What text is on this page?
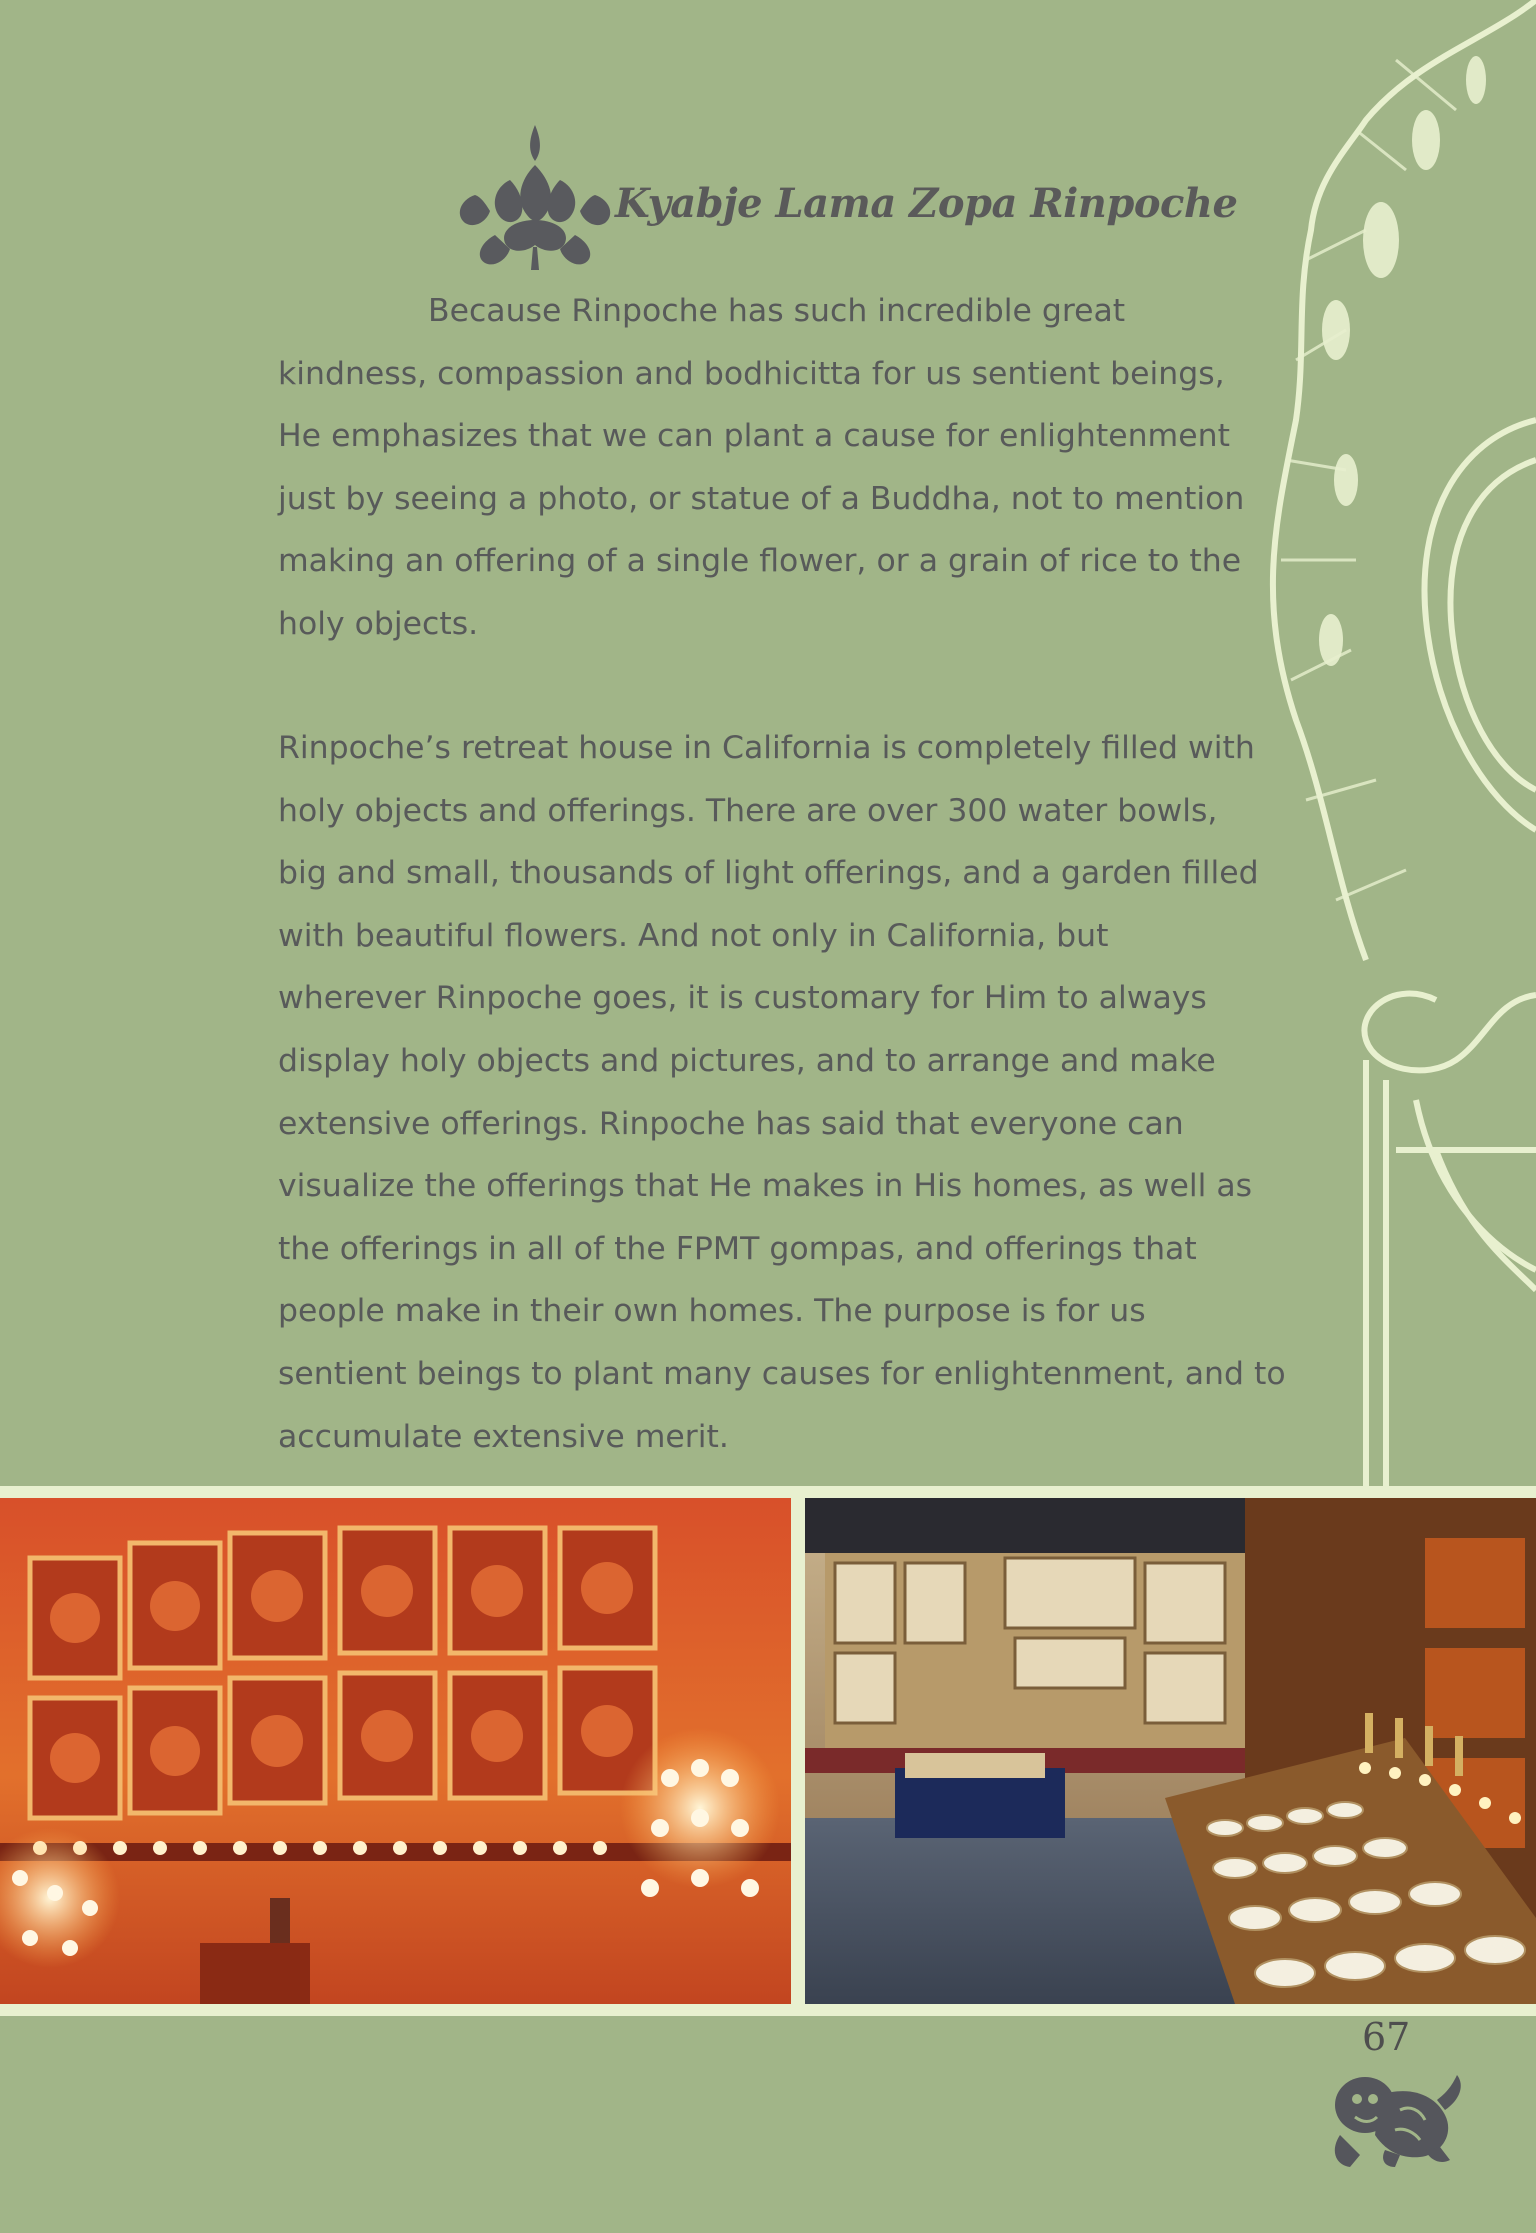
Kyabje Lama Zopa Rinpoche
Because Rinpoche has such incredible great
kindness, compassion and bodhicitta for us sentient beings,
He emphasizes that we can plant a cause for enlightenment
just by seeing a photo, or statue of a Buddha, not to mention
making an offering of a single flower, or a grain of rice to the
holy objects.
Rinpoche’s retreat house in California is completely filled with
holy objects and offerings. There are over 300 water bowls,
big and small, thousands of light offerings, and a garden filled
with beautiful flowers. And not only in California, but
wherever Rinpoche goes, it is customary for Him to always
display holy objects and pictures, and to arrange and make
extensive offerings. Rinpoche has said that everyone can
visualize the offerings that He makes in His homes, as well as
the offerings in all of the FPMT gompas, and offerings that
people make in their own homes. The purpose is for us
sentient beings to plant many causes for enlightenment, and to
accumulate extensive merit.
67
